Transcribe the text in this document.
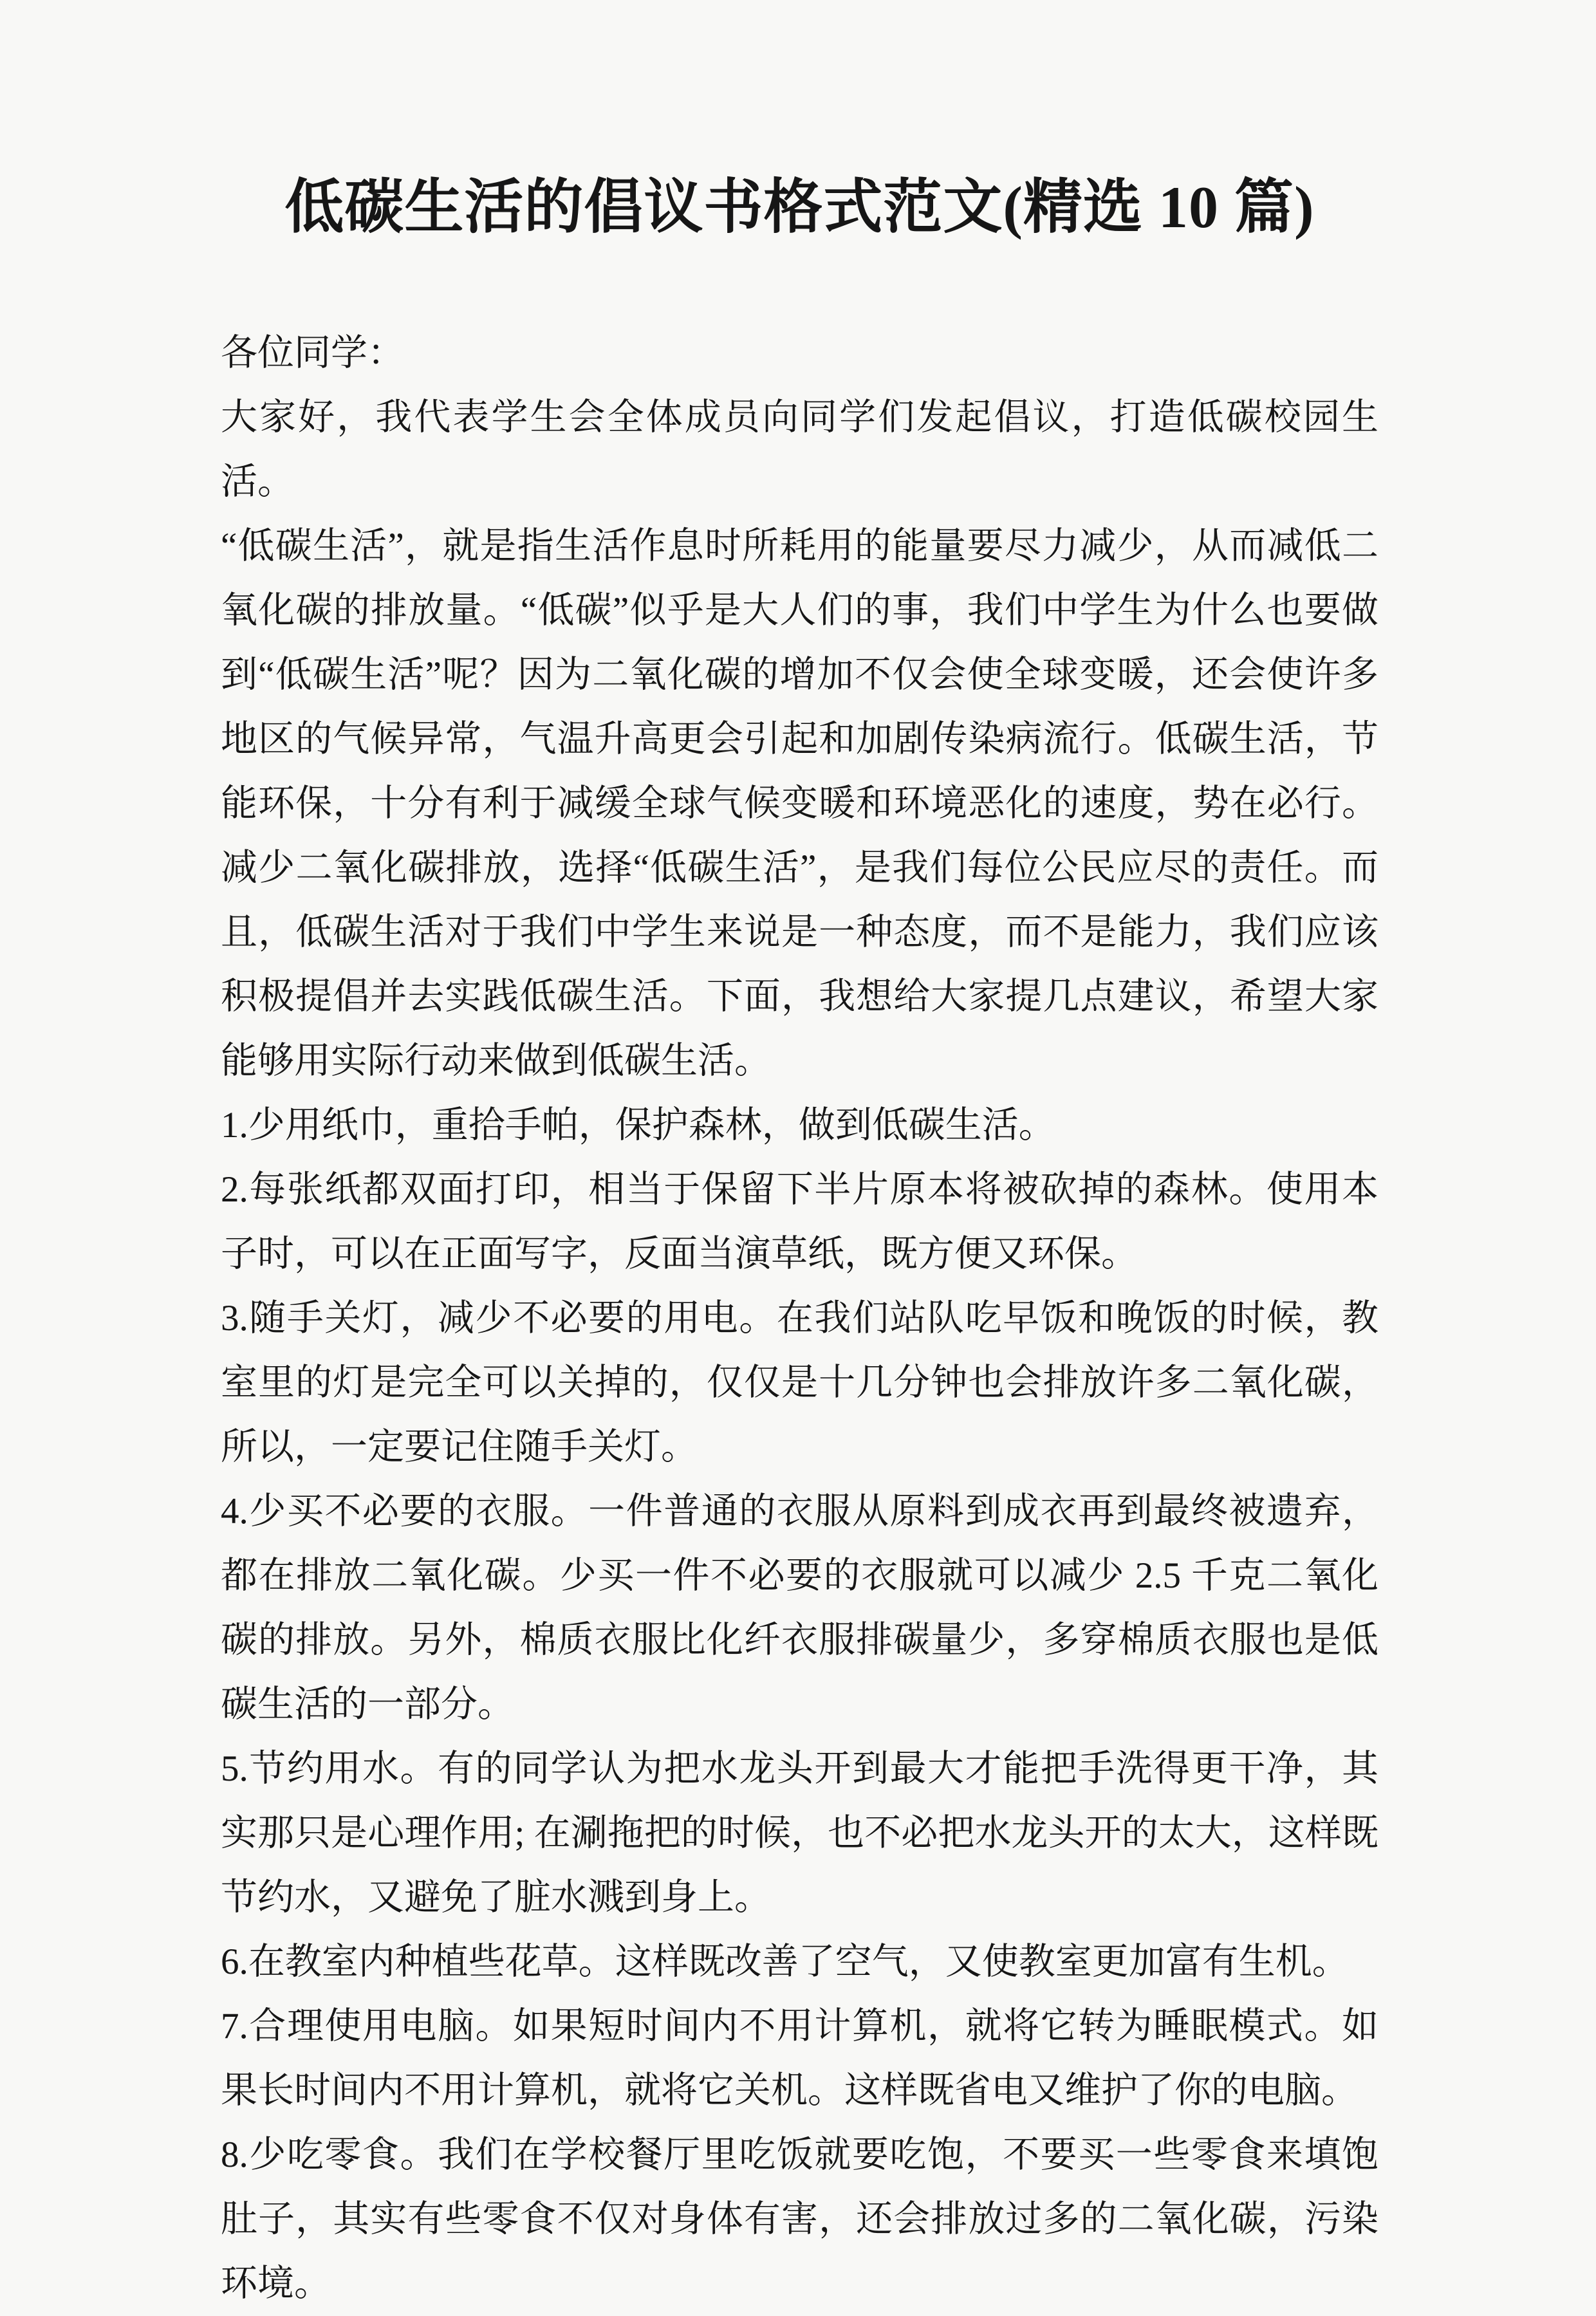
低碳生活的倡议书格式范文(精选 10 篇)

各位同学：

大家好，我代表学生会全体成员向同学们发起倡议，打造低碳校园生活。

“低碳生活”，就是指生活作息时所耗用的能量要尽力减少，从而减低二氧化碳的排放量。“低碳”似乎是大人们的事，我们中学生为什么也要做到“低碳生活”呢？因为二氧化碳的增加不仅会使全球变暖，还会使许多地区的气候异常，气温升高更会引起和加剧传染病流行。低碳生活，节能环保，十分有利于减缓全球气候变暖和环境恶化的速度，势在必行。减少二氧化碳排放，选择“低碳生活”，是我们每位公民应尽的责任。而且，低碳生活对于我们中学生来说是一种态度，而不是能力，我们应该积极提倡并去实践低碳生活。下面，我想给大家提几点建议，希望大家能够用实际行动来做到低碳生活。

1.少用纸巾，重拾手帕，保护森林，做到低碳生活。

2.每张纸都双面打印，相当于保留下半片原本将被砍掉的森林。使用本子时，可以在正面写字，反面当演草纸，既方便又环保。

3.随手关灯，减少不必要的用电。在我们站队吃早饭和晚饭的时候，教室里的灯是完全可以关掉的，仅仅是十几分钟也会排放许多二氧化碳，所以，一定要记住随手关灯。

4.少买不必要的衣服。一件普通的衣服从原料到成衣再到最终被遗弃，都在排放二氧化碳。少买一件不必要的衣服就可以减少 2.5 千克二氧化碳的排放。另外，棉质衣服比化纤衣服排碳量少，多穿棉质衣服也是低碳生活的一部分。

5.节约用水。有的同学认为把水龙头开到最大才能把手洗得更干净，其实那只是心理作用; 在涮拖把的时候，也不必把水龙头开的太大，这样既节约水，又避免了脏水溅到身上。

6.在教室内种植些花草。这样既改善了空气，又使教室更加富有生机。

7.合理使用电脑。如果短时间内不用计算机，就将它转为睡眠模式。如果长时间内不用计算机，就将它关机。这样既省电又维护了你的电脑。

8.少吃零食。我们在学校餐厅里吃饭就要吃饱，不要买一些零食来填饱肚子，其实有些零食不仅对身体有害，还会排放过多的二氧化碳，污染环境。
